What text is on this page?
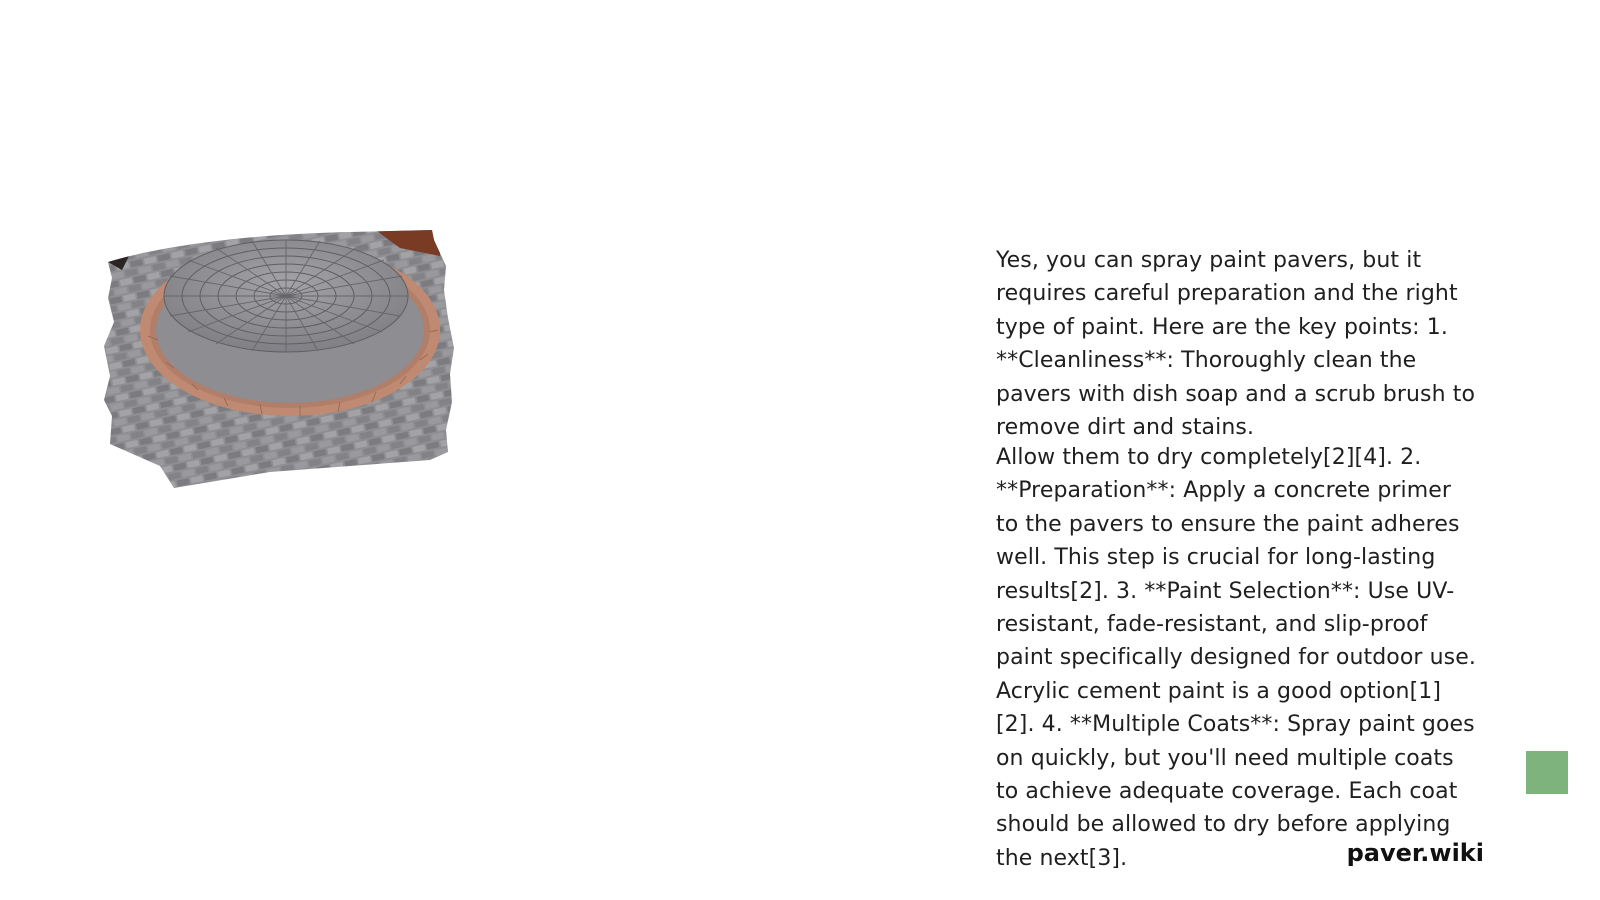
Yes, you can spray paint pavers, but it requires careful preparation and the right type of paint. Here are the key points: 1. **Cleanliness**: Thoroughly clean the pavers with dish soap and a scrub brush to remove dirt and stains.

Allow them to dry completely[2][4]. 2. **Preparation**: Apply a concrete primer to the pavers to ensure the paint adheres well. This step is crucial for long-lasting results[2]. 3. **Paint Selection**: Use UV-resistant, fade-resistant, and slip-proof paint specifically designed for outdoor use. Acrylic cement paint is a good option[1][2]. 4. **Multiple Coats**: Spray paint goes on quickly, but you'll need multiple coats to achieve adequate coverage. Each coat should be allowed to dry before applying the next[3].	paver.wiki
